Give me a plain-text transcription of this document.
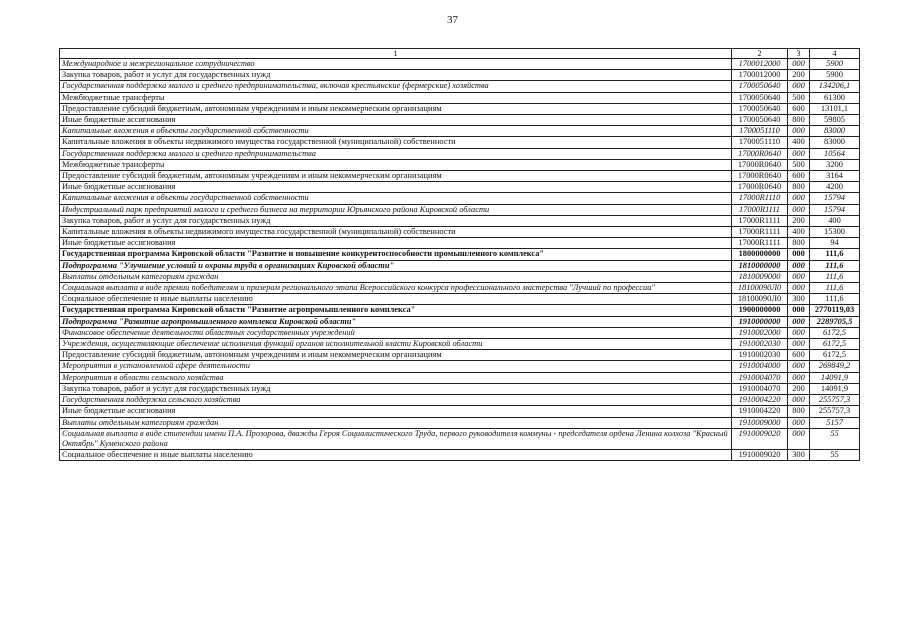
37
1	2	3	4
Международное и межрегиональное сотрудничество	1700012000	000	5900
Закупка товаров, работ и услуг для государственных нужд	1700012000	200	5900
Государственная поддержка малого и среднего предпринимательства, включая крестьянские (фермерские) хозяйства	1700050640	000	134206,1
Межбюджетные трансферты	1700050640	500	61300
Предоставление субсидий бюджетным, автономным учреждениям и иным некоммерческим организациям	1700050640	600	13101,1
Иные бюджетные ассигнования	1700050640	800	59805
Капитальные вложения в объекты государственной собственности	1700051110	000	83000
Капитальные вложения в объекты недвижимого имущества государственной (муниципальной) собственности	1700051110	400	83000
Государственная поддержка малого и среднего предпринимательства	17000R0640	000	10564
Межбюджетные трансферты	17000R0640	500	3200
Предоставление субсидий бюджетным, автономным учреждениям и иным некоммерческим организациям	17000R0640	600	3164
Иные бюджетные ассигнования	17000R0640	800	4200
Капитальные вложения в объекты государственной собственности	17000R1110	000	15794
Индустриальный парк предприятий малого и среднего бизнеса на территории Юрьянского района Кировской области	17000R1111	000	15794
Закупка товаров, работ и услуг для государственных нужд	17000R1111	200	400
Капитальные вложения в объекты недвижимого имущества государственной (муниципальной) собственности	17000R1111	400	15300
Иные бюджетные ассигнования	17000R1111	800	94
Государственная программа Кировской области "Развитие и повышение конкурентоспособности промышленного комплекса"	1800000000	000	111,6
Подпрограмма "Улучшение условий и охраны труда в организациях Кировской области"	1810000000	000	111,6
Выплаты отдельным категориям граждан	1810009000	000	111,6
Социальная выплата в виде премии победителям и призерам регионального этапа Всероссийского конкурса профессионального мастерства "Лучший по профессии"	18100090Л0	000	111,6
Социальное обеспечение и иные выплаты населению	18100090Л0	300	111,6
Государственная программа Кировской области "Развитие агропромышленного комплекса"	1900000000	000	2770119,03
Подпрограмма "Развитие агропромышленного комплекса Кировской области"	1910000000	000	2289705,5
Финансовое обеспечение деятельности областных государственных учреждений	1910002000	000	6172,5
Учреждения, осуществляющие обеспечение исполнения функций органов исполнительной власти Кировской области	1910002030	000	6172,5
Предоставление субсидий бюджетным, автономным учреждениям и иным некоммерческим организациям	1910002030	600	6172,5
Мероприятия в установленной сфере деятельности	1910004000	000	269849,2
Мероприятия в области сельского хозяйства	1910004070	000	14091,9
Закупка товаров, работ и услуг для государственных нужд	1910004070	200	14091,9
Государственная поддержка сельского хозяйства	1910004220	000	255757,3
Иные бюджетные ассигнования	1910004220	800	255757,3
Выплаты отдельным категориям граждан	1910009000	000	5157
Социальная выплата в виде стипендии имени П.А. Прозорова, дважды Героя Социалистического Труда, первого руководителя коммуны - председателя ордена Ленина колхоза "Красный Октябрь" Куменского района	1910009020	000	55
Социальное обеспечение и иные выплаты населению	1910009020	300	55
